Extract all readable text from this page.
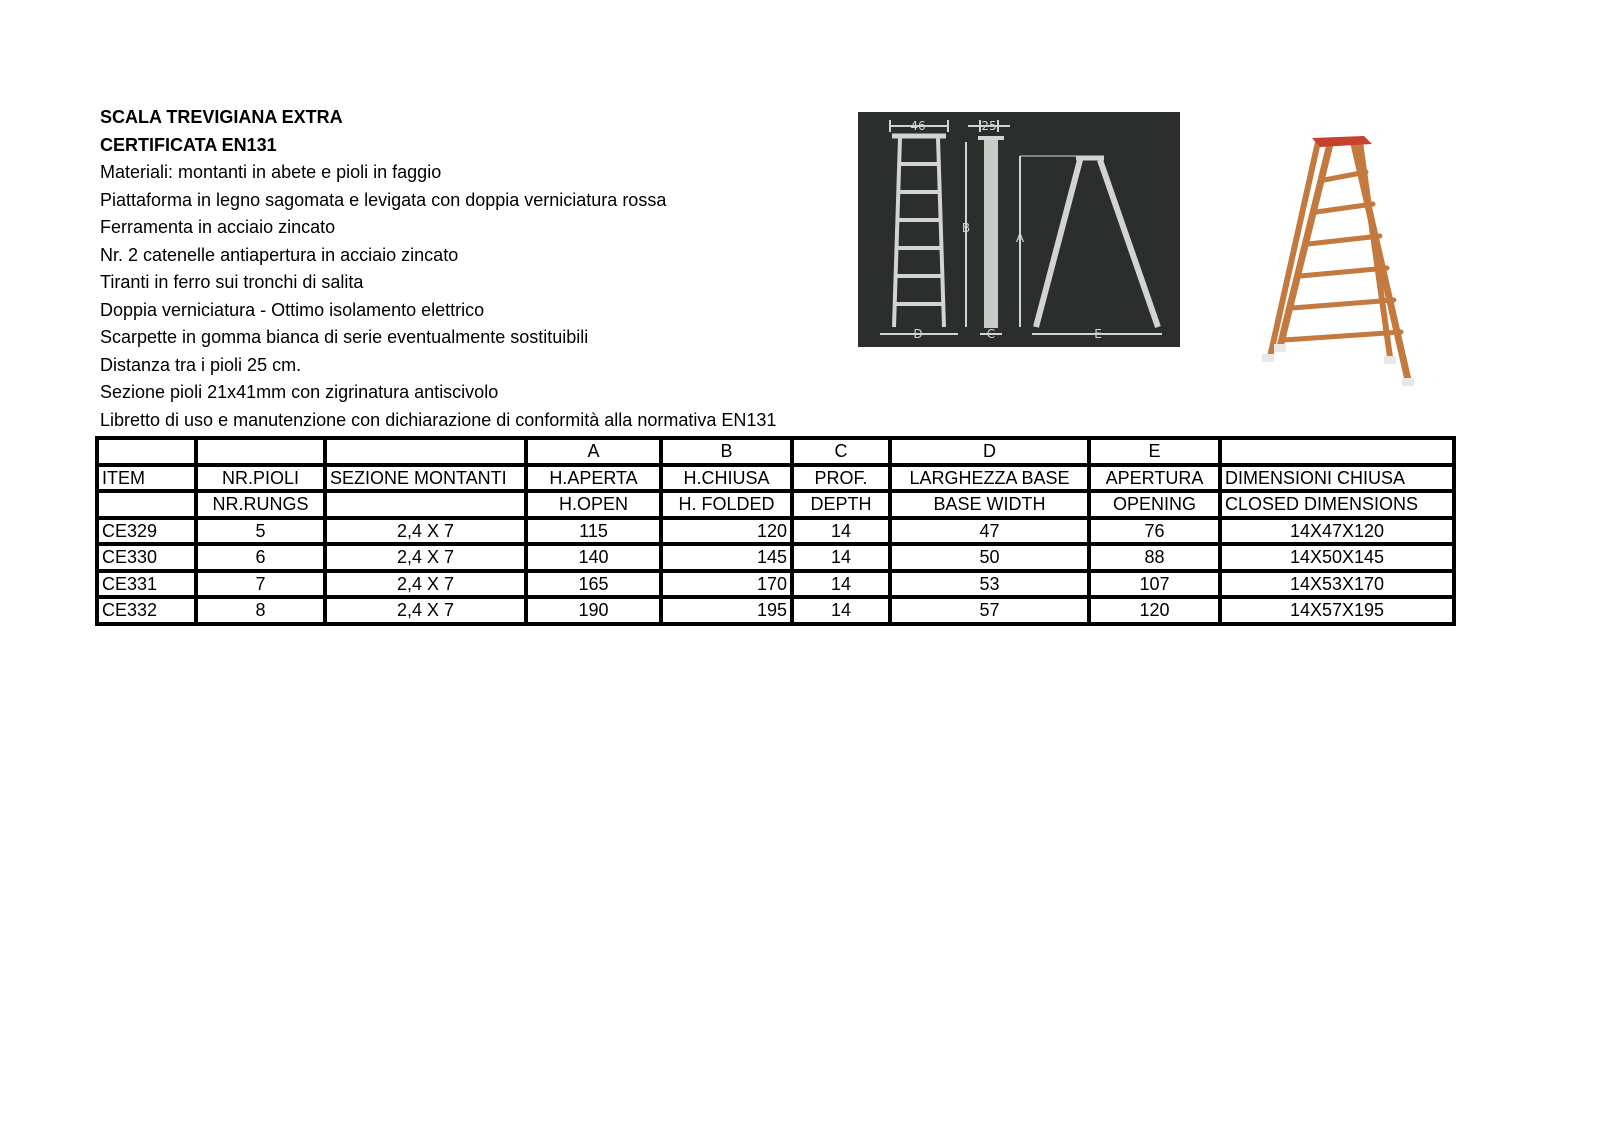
SCALA TREVIGIANA EXTRA
CERTIFICATA EN131
Materiali: montanti in abete e pioli in faggio
Piattaforma in legno sagomata e levigata con doppia verniciatura rossa
Ferramenta in acciaio zincato
Nr. 2 catenelle antiapertura in acciaio zincato
Tiranti in ferro sui tronchi di salita
Doppia verniciatura - Ottimo isolamento elettrico
Scarpette in gomma bianca di serie eventualmente sostituibili
Distanza tra i pioli 25 cm.
Sezione pioli 21x41mm con zigrinatura antiscivolo
Libretto di uso e manutenzione con dichiarazione di conformità alla normativa EN131
46	25
B
A
D	C	E
			A	B	C	D	E	
ITEM	NR.PIOLI	SEZIONE MONTANTI	H.APERTA	H.CHIUSA	PROF.	LARGHEZZA BASE	APERTURA	DIMENSIONI CHIUSA
	NR.RUNGS		H.OPEN	H. FOLDED	DEPTH	BASE WIDTH	OPENING	CLOSED DIMENSIONS
CE329	5	2,4 X 7	115	120	14	47	76	14X47X120
CE330	6	2,4 X 7	140	145	14	50	88	14X50X145
CE331	7	2,4 X 7	165	170	14	53	107	14X53X170
CE332	8	2,4 X 7	190	195	14	57	120	14X57X195
